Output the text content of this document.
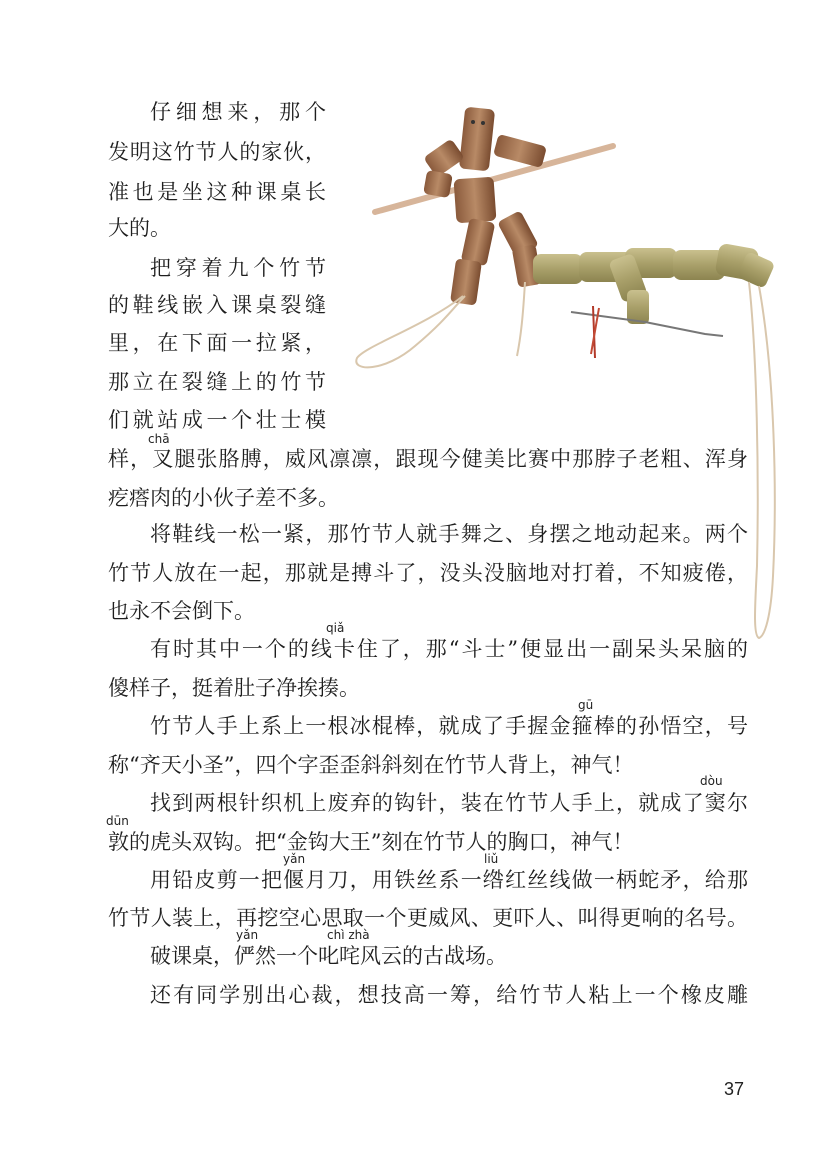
仔细想来，那个
发明这竹节人的家伙，
准也是坐这种课桌长
大的。
把穿着九个竹节
的鞋线嵌入课桌裂缝
里，在下面一拉紧，
那立在裂缝上的竹节
们就站成一个壮士模
样，叉腿张胳膊，威风凛凛，跟现今健美比赛中那脖子老粗、浑身
疙瘩肉的小伙子差不多。
将鞋线一松一紧，那竹节人就手舞之、身摆之地动起来。两个
竹节人放在一起，那就是搏斗了，没头没脑地对打着，不知疲倦，
也永不会倒下。
有时其中一个的线卡住了，那“斗士”便显出一副呆头呆脑的
傻样子，挺着肚子净挨揍。
竹节人手上系上一根冰棍棒，就成了手握金箍棒的孙悟空，号
称“齐天小圣”，四个字歪歪斜斜刻在竹节人背上，神气！
找到两根针织机上废弃的钩针，装在竹节人手上，就成了窦尔
敦的虎头双钩。把“金钩大王”刻在竹节人的胸口，神气！
用铅皮剪一把偃月刀，用铁丝系一绺红丝线做一柄蛇矛，给那
竹节人装上，再挖空心思取一个更威风、更吓人、叫得更响的名号。
破课桌，俨然一个叱咤风云的古战场。
还有同学别出心裁，想技高一筹，给竹节人粘上一个橡皮雕
chā
qiǎ
gū
dòu
dūn
yǎn	liǔ
yǎn	chì zhà
37
